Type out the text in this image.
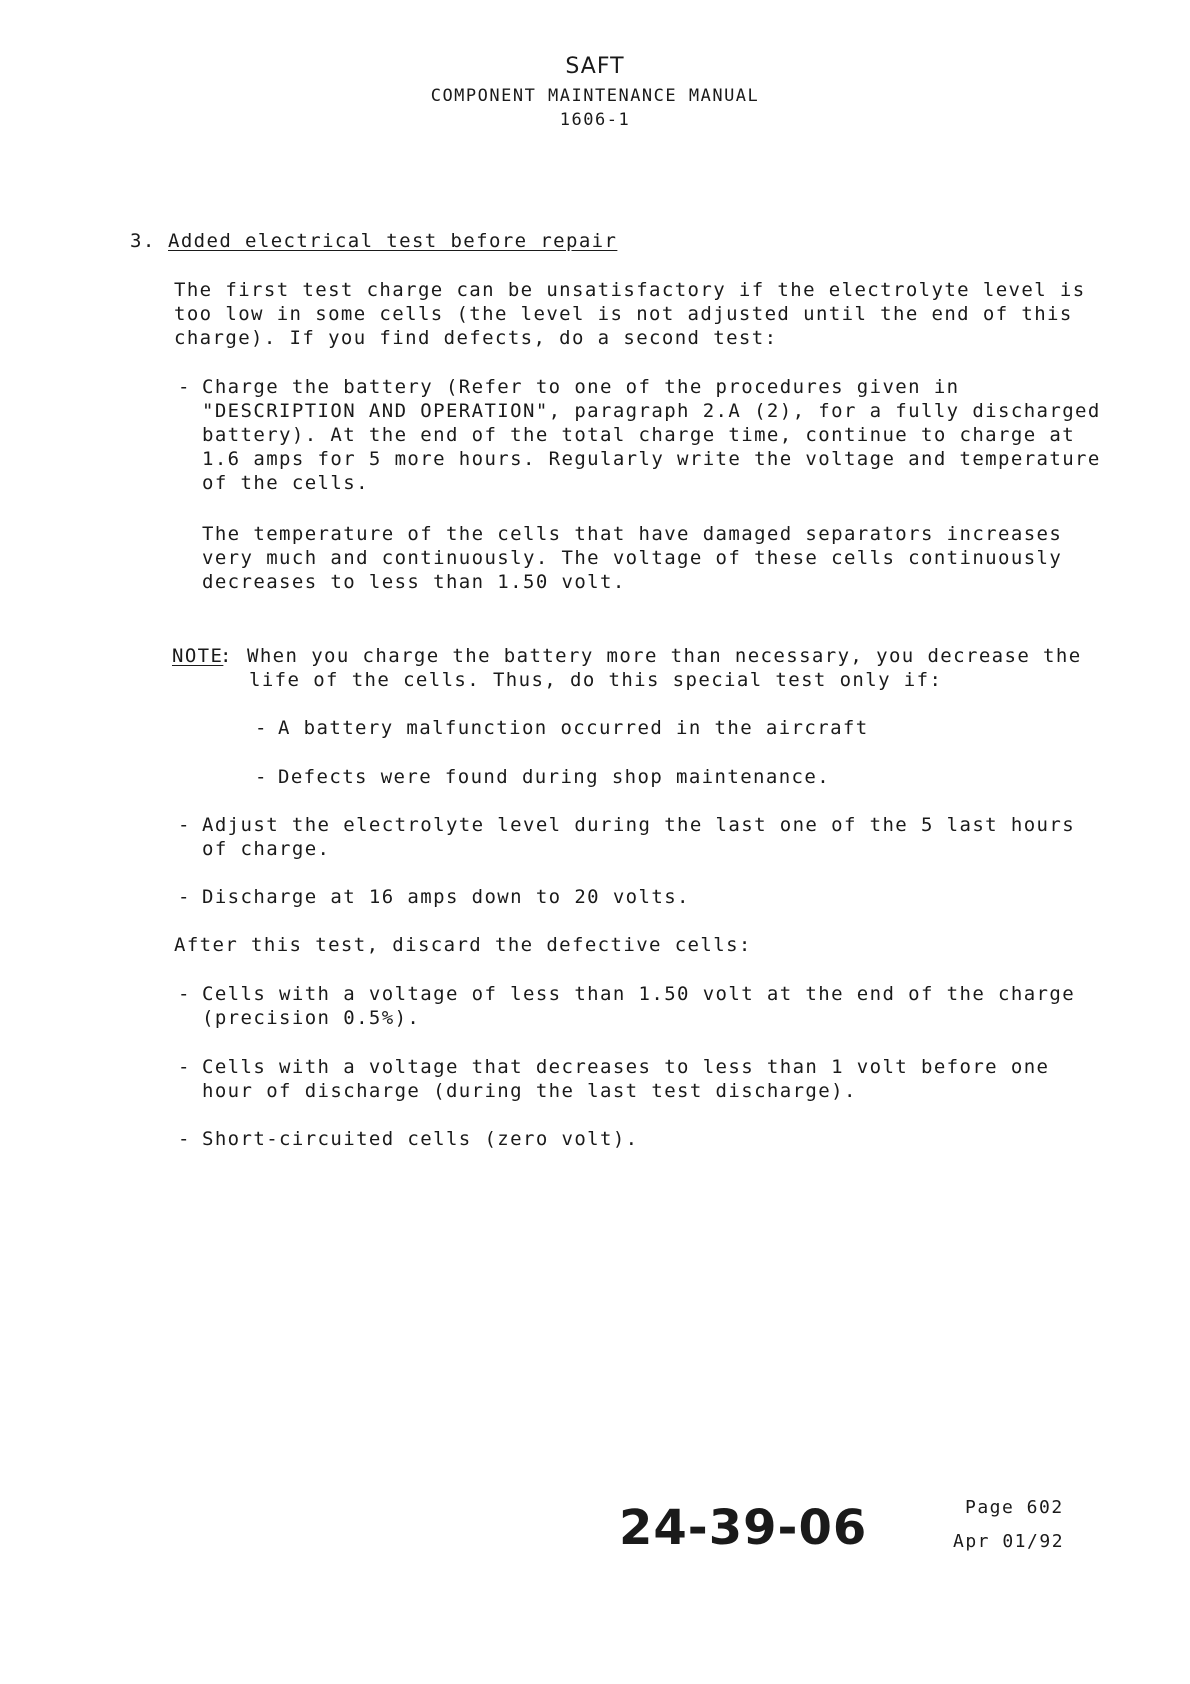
SAFT
COMPONENT MAINTENANCE MANUAL
1606-1
3. Added electrical test before repair
The first test charge can be unsatisfactory if the electrolyte level is
too low in some cells (the level is not adjusted until the end of this
charge). If you find defects, do a second test:
- Charge the battery (Refer to one of the procedures given in
"DESCRIPTION AND OPERATION", paragraph 2.A (2), for a fully discharged
battery). At the end of the total charge time, continue to charge at
1.6 amps for 5 more hours. Regularly write the voltage and temperature
of the cells.
The temperature of the cells that have damaged separators increases
very much and continuously. The voltage of these cells continuously
decreases to less than 1.50 volt.
NOTE
: When you charge the battery more than necessary, you decrease the
life of the cells. Thus, do this special test only if:
- A battery malfunction occurred in the aircraft
- Defects were found during shop maintenance.
- Adjust the electrolyte level during the last one of the 5 last hours
of charge.
- Discharge at 16 amps down to 20 volts.
After this test, discard the defective cells:
- Cells with a voltage of less than 1.50 volt at the end of the charge
(precision 0.5%).
- Cells with a voltage that decreases to less than 1 volt before one
hour of discharge (during the last test discharge).
- Short-circuited cells (zero volt).
24-39-06	Page 602
Apr 01/92
